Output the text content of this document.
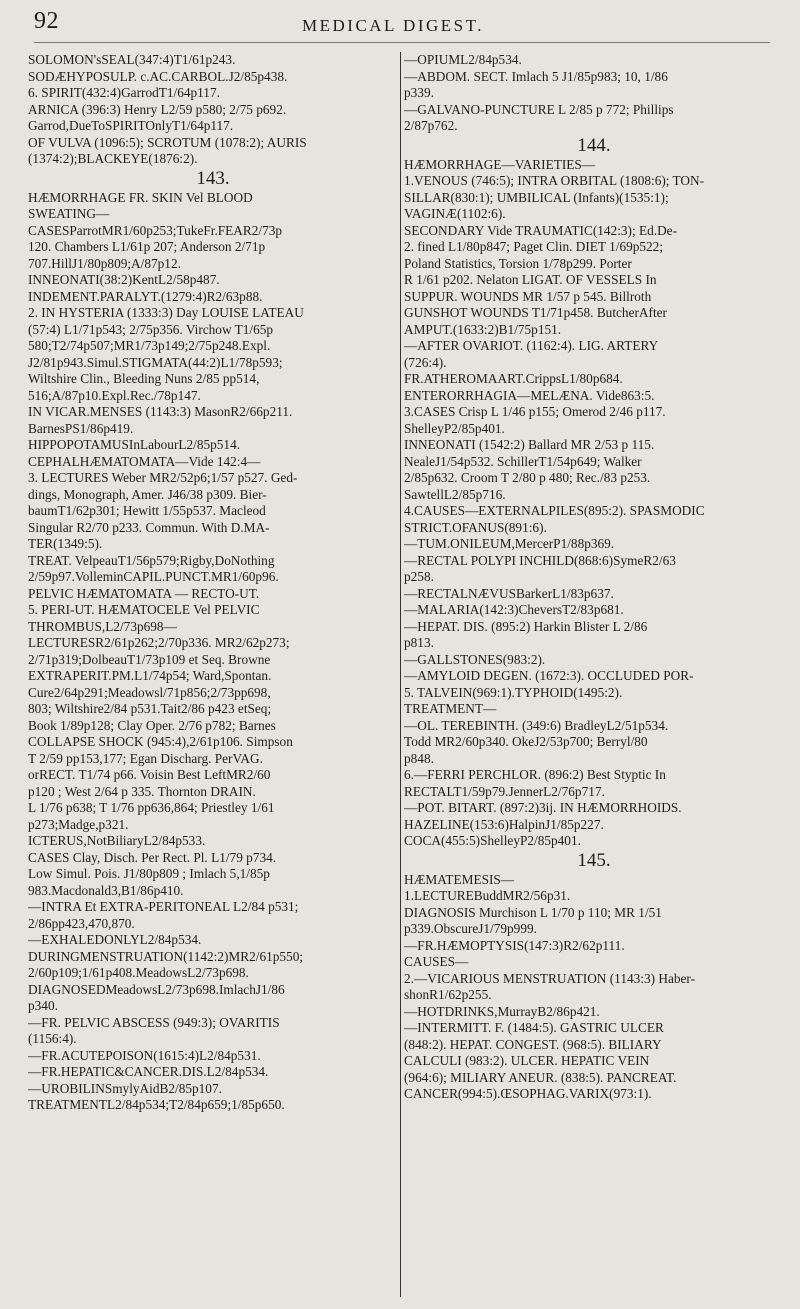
92	MEDICAL DIGEST.
SOLOMON'sSEAL(347:4)T1/61p243.
SODÆHYPOSULP. c.AC.CARBOL.J2/85p438.
6. SPIRIT(432:4)GarrodT1/64p117.
ARNICA (396:3) Henry L2/59 p580; 2/75 p692.
Garrod,DueToSPIRITOnlyT1/64p117.
OF VULVA (1096:5); SCROTUM (1078:2); AURIS
(1374:2);BLACKEYE(1876:2).
143.
HÆMORRHAGE FR. SKIN Vel BLOOD
SWEATING—
CASESParrotMR1/60p253;TukeFr.FEAR2/73p
120. Chambers L1/61p 207; Anderson 2/71p
707.HillJ1/80p809;A/87p12.
INNEONATI(38:2)KentL2/58p487.
INDEMENT.PARALYT.(1279:4)R2/63p88.
2. IN HYSTERIA (1333:3) Day LOUISE LATEAU
(57:4) L1/71p543; 2/75p356. Virchow T1/65p
580;T2/74p507;MR1/73p149;2/75p248.Expl.
J2/81p943.Simul.STIGMATA(44:2)L1/78p593;
Wiltshire Clin., Bleeding Nuns 2/85 pp514,
516;A/87p10.Expl.Rec./78p147.
IN VICAR.MENSES (1143:3) MasonR2/66p211.
BarnesPS1/86p419.
HIPPOPOTAMUSInLabourL2/85p514.
CEPHALHÆMATOMATA—Vide 142:4—
3. LECTURES Weber MR2/52p6;1/57 p527. Ged-
dings, Monograph, Amer. J46/38 p309. Bier-
baumT1/62p301; Hewitt 1/55p537. Macleod
Singular R2/70 p233. Commun. With D.MA-
TER(1349:5).
TREAT. VelpeauT1/56p579;Rigby,DoNothing
2/59p97.VolleminCAPIL.PUNCT.MR1/60p96.
PELVIC HÆMATOMATA — RECTO-UT.
5. PERI-UT. HÆMATOCELE Vel PELVIC
THROMBUS,L2/73p698—
LECTURESR2/61p262;2/70p336. MR2/62p273;
2/71p319;DolbeauT1/73p109 et Seq. Browne
EXTRAPERIT.PM.L1/74p54; Ward,Spontan.
Cure2/64p291;Meadowsl/71p856;2/73pp698,
803; Wiltshire2/84 p531.Tait2/86 p423 etSeq;
Book 1/89p128; Clay Oper. 2/76 p782; Barnes
COLLAPSE SHOCK (945:4),2/61p106. Simpson
T 2/59 pp153,177; Egan Discharg. PerVAG.
orRECT. T1/74 p66. Voisin Best LeftMR2/60
p120 ; West 2/64 p 335. Thornton DRAIN.
L 1/76 p638; T 1/76 pp636,864; Priestley 1/61
p273;Madge,p321.
ICTERUS,NotBiliaryL2/84p533.
CASES Clay, Disch. Per Rect. Pl. L1/79 p734.
Low Simul. Pois. J1/80p809 ; Imlach 5,1/85p
983.Macdonald3,B1/86p410.
—INTRA Et EXTRA-PERITONEAL L2/84 p531;
2/86pp423,470,870.
—EXHALEDONLYL2/84p534.
DURINGMENSTRUATION(1142:2)MR2/61p550;
2/60p109;1/61p408.MeadowsL2/73p698.
DIAGNOSEDMeadowsL2/73p698.ImlachJ1/86
p340.
—FR. PELVIC ABSCESS (949:3); OVARITIS
(1156:4).
—FR.ACUTEPOISON(1615:4)L2/84p531.
—FR.HEPATIC&CANCER.DIS.L2/84p534.
—UROBILINSmylyAidB2/85p107.
TREATMENTL2/84p534;T2/84p659;1/85p650.
—OPIUML2/84p534.
—ABDOM. SECT. Imlach 5 J1/85p983; 10, 1/86
p339.
—GALVANO-PUNCTURE L 2/85 p 772; Phillips
2/87p762.
144.
HÆMORRHAGE—VARIETIES—
1.VENOUS (746:5); INTRA ORBITAL (1808:6); TON-
SILLAR(830:1); UMBILICAL (Infants)(1535:1);
VAGINÆ(1102:6).
SECONDARY Vide TRAUMATIC(142:3); Ed.De-
2. fined L1/80p847; Paget Clin. DIET 1/69p522;
Poland Statistics, Torsion 1/78p299. Porter
R 1/61 p202. Nelaton LIGAT. OF VESSELS In
SUPPUR. WOUNDS MR 1/57 p 545. Billroth
GUNSHOT WOUNDS T1/71p458. ButcherAfter
AMPUT.(1633:2)B1/75p151.
—AFTER OVARIOT. (1162:4). LIG. ARTERY
(726:4).
FR.ATHEROMAART.CrippsL1/80p684.
ENTERORRHAGIA—MELÆNA. Vide863:5.
3.CASES Crisp L 1/46 p155; Omerod 2/46 p117.
ShelleyP2/85p401.
INNEONATI (1542:2) Ballard MR 2/53 p 115.
NealeJ1/54p532. SchillerT1/54p649; Walker
2/85p632. Croom T 2/80 p 480; Rec./83 p253.
SawtellL2/85p716.
4.CAUSES—EXTERNALPILES(895:2). SPASMODIC
STRICT.OFANUS(891:6).
—TUM.ONILEUM,MercerP1/88p369.
—RECTAL POLYPI INCHILD(868:6)SymeR2/63
p258.
—RECTALNÆVUSBarkerL1/83p637.
—MALARIA(142:3)CheversT2/83p681.
—HEPAT. DIS. (895:2) Harkin Blister L 2/86
p813.
—GALLSTONES(983:2).
—AMYLOID DEGEN. (1672:3). OCCLUDED POR-
5. TALVEIN(969:1).TYPHOID(1495:2).
TREATMENT—
—OL. TEREBINTH. (349:6) BradleyL2/51p534.
Todd MR2/60p340. OkeJ2/53p700; Berryl/80
p848.
6.—FERRI PERCHLOR. (896:2) Best Styptic In
RECTALT1/59p79.JennerL2/76p717.
—POT. BITART. (897:2)3ij. IN HÆMORRHOIDS.
HAZELINE(153:6)HalpinJ1/85p227.
COCA(455:5)ShelleyP2/85p401.
145.
HÆMATEMESIS—
1.LECTUREBuddMR2/56p31.
DIAGNOSIS Murchison L 1/70 p 110; MR 1/51
p339.ObscureJ1/79p999.
—FR.HÆMOPTYSIS(147:3)R2/62p111.
CAUSES—
2.—VICARIOUS MENSTRUATION (1143:3) Haber-
shonR1/62p255.
—HOTDRINKS,MurrayB2/86p421.
—INTERMITT. F. (1484:5). GASTRIC ULCER
(848:2). HEPAT. CONGEST. (968:5). BILIARY
CALCULI (983:2). ULCER. HEPATIC VEIN
(964:6); MILIARY ANEUR. (838:5). PANCREAT.
CANCER(994:5).ŒSOPHAG.VARIX(973:1).
